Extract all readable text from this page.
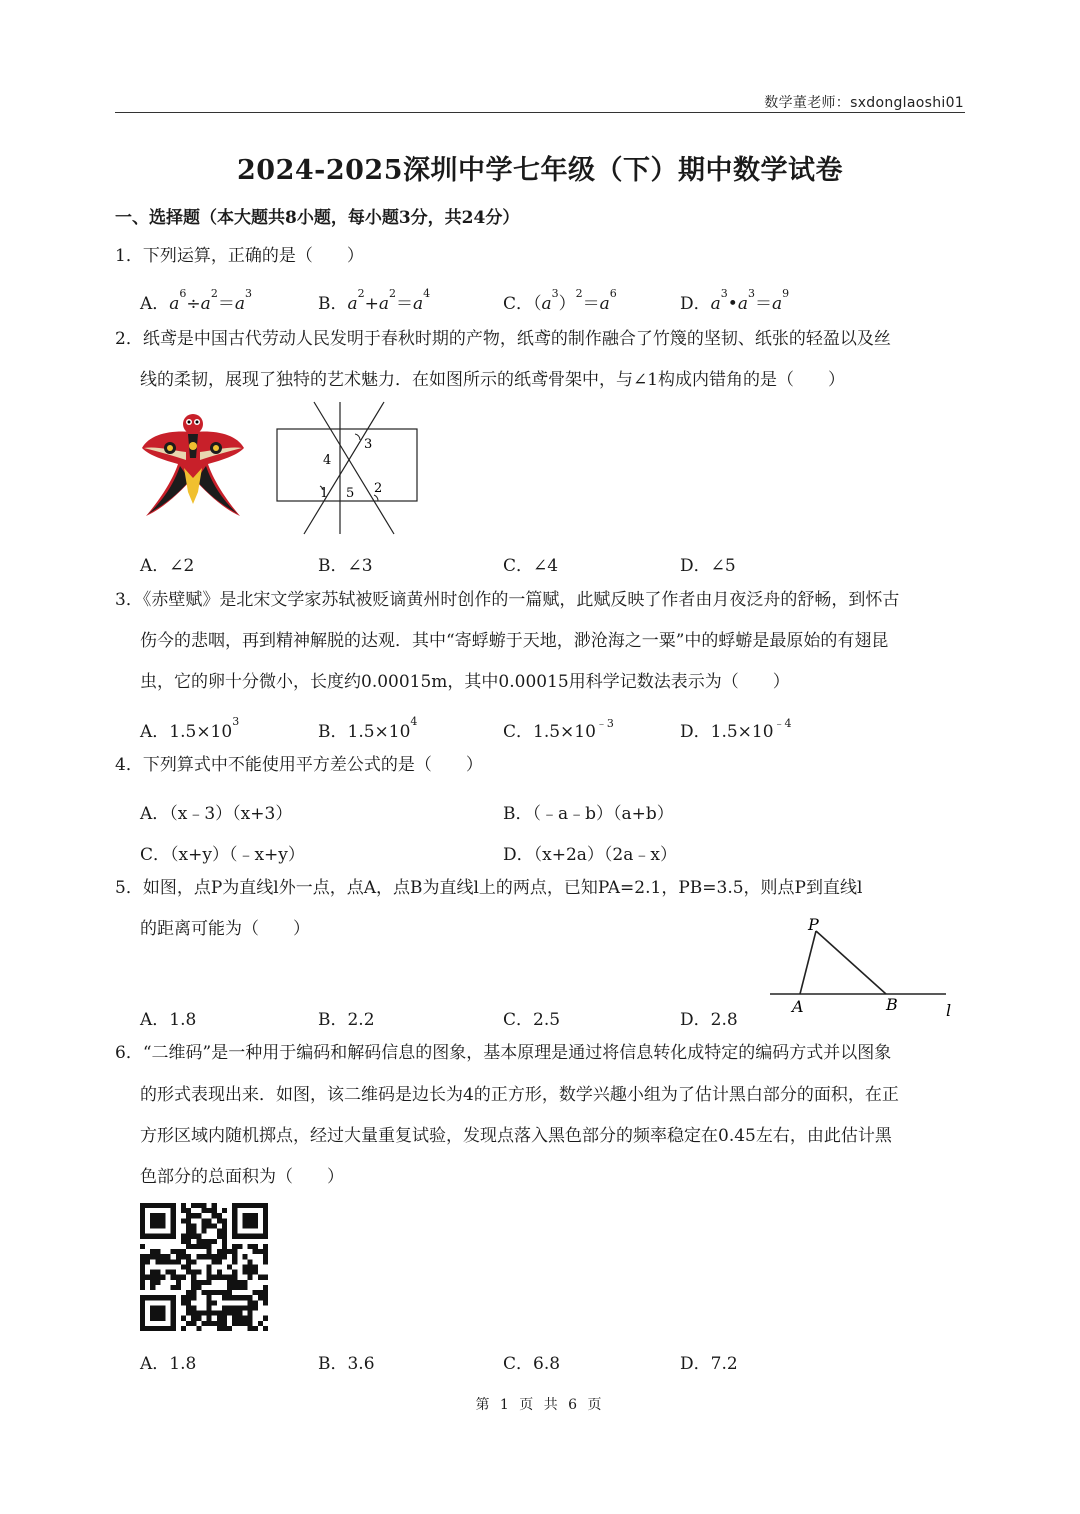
数学董老师：sxdonglaoshi01
2024-2025深圳中学七年级（下）期中数学试卷
一、选择题（本大题共8小题，每小题3分，共24分）
1．下列运算，正确的是（　　）
A．$a^6\div a^2=a^3$
B．$a^2+a^2=a^4$
C．$(a^3)^2=a^6$
D．$a^3•a^3=a^9$
2．纸鸢是中国古代劳动人民发明于春秋时期的产物，纸鸢的制作融合了竹篾的坚韧、纸张的轻盈以及丝
线的柔韧，展现了独特的艺术魅力．在如图所示的纸鸢骨架中，与∠1构成内错角的是（　　）
3
4
1 5 2
A．∠2	B．∠3	C．∠4	D．∠5
3．《赤壁赋》是北宋文学家苏轼被贬谪黄州时创作的一篇赋，此赋反映了作者由月夜泛舟的舒畅，到怀古
伤今的悲咽，再到精神解脱的达观．其中“寄蜉蝣于天地，渺沧海之一粟”中的蜉蝣是最原始的有翅昆
虫，它的卵十分微小，长度约0.00015m，其中0.00015用科学记数法表示为（　　）
A．$1.5\times 10^3$
B．$1.5\times 10^4$
C．$1.5\times 10^{﹣3}$	D．$1.5\times 10^{﹣4}$
4．下列算式中不能使用平方差公式的是（　　）
A．（x﹣3）（x+3）	B．（﹣a﹣b）（a+b）
C．（x+y）（﹣x+y）	D．（x+2a）（2a﹣x）
5．如图，点P为直线l外一点，点A，点B为直线l上的两点，已知PA=2.1，PB=3.5，则点P到直线l
的距离可能为（　　）	P
A	B	l
A．1.8	B．2.2	C．2.5	D．2.8
6．“二维码”是一种用于编码和解码信息的图象，基本原理是通过将信息转化成特定的编码方式并以图象
的形式表现出来．如图，该二维码是边长为4的正方形，数学兴趣小组为了估计黑白部分的面积，在正
方形区域内随机掷点，经过大量重复试验，发现点落入黑色部分的频率稳定在0.45左右，由此估计黑
色部分的总面积为（　　）
A．1.8	B．3.6	C．6.8	D．7.2
第 1 页 共 6 页
